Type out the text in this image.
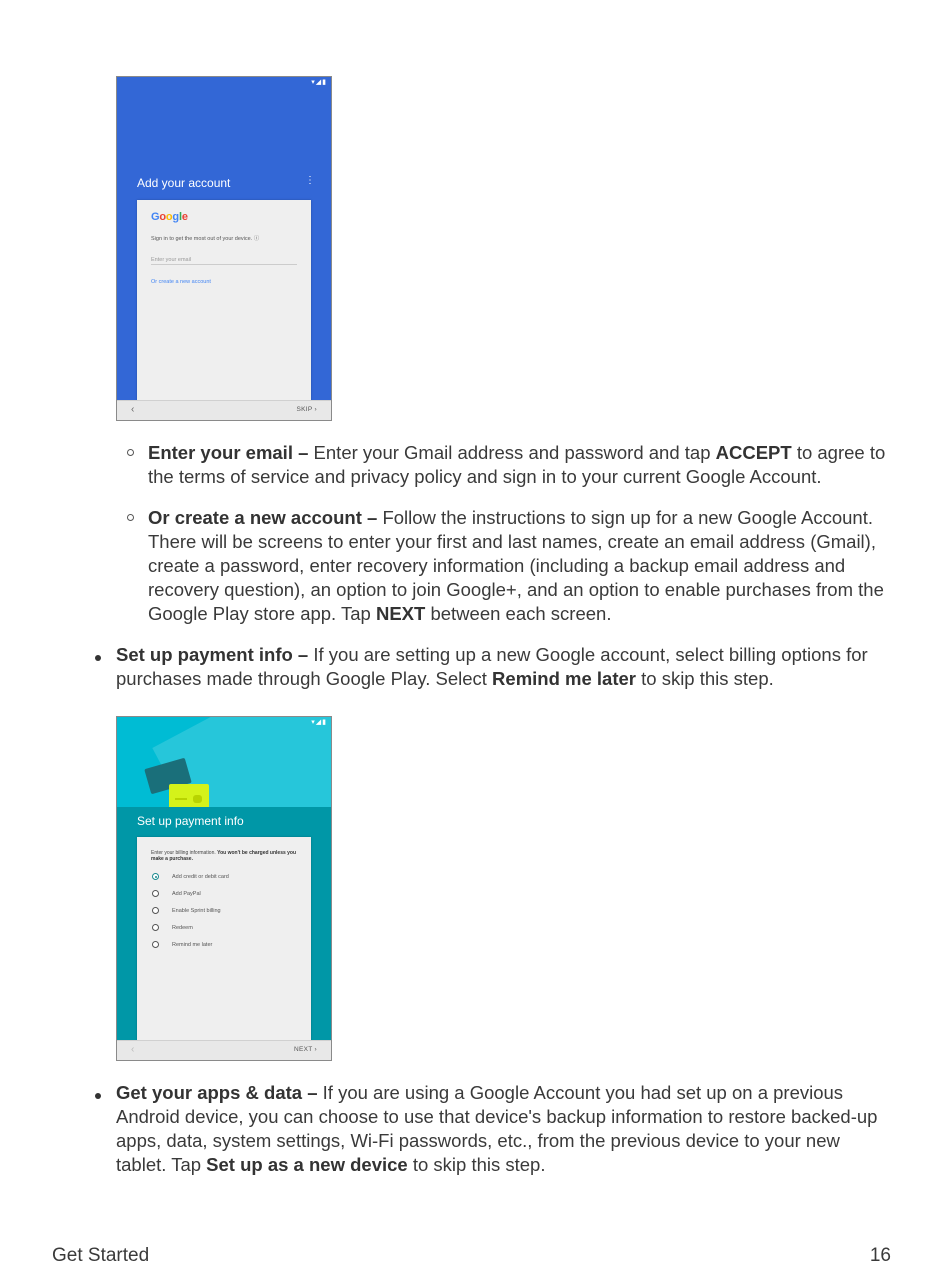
▾◢▮
Add your account	⋮
Google
Sign in to get the most out of your device. ⓘ
Enter your email
Or create a new account
‹	SKIP ›
Enter your email – Enter your Gmail address and password and tap ACCEPT to agree to the terms of service and privacy policy and sign in to your current Google Account.
Or create a new account – Follow the instructions to sign up for a new Google Account. There will be screens to enter your first and last names, create an email address (Gmail), create a password, enter recovery information (including a backup email address and recovery question), an option to join Google+, and an option to enable purchases from the Google Play store app. Tap NEXT between each screen.
Set up payment info – If you are setting up a new Google account, select billing options for purchases made through Google Play. Select Remind me later to skip this step.
▾◢▮
Set up payment info
Enter your billing information. You won't be charged unless you make a purchase.
Add credit or debit card
Add PayPal
Enable Sprint billing
Redeem
Remind me later
‹	NEXT ›
Get your apps & data – If you are using a Google Account you had set up on a previous Android device, you can choose to use that device's backup information to restore backed-up apps, data, system settings, Wi-Fi passwords, etc., from the previous device to your new tablet. Tap Set up as a new device to skip this step.
Get Started	16
